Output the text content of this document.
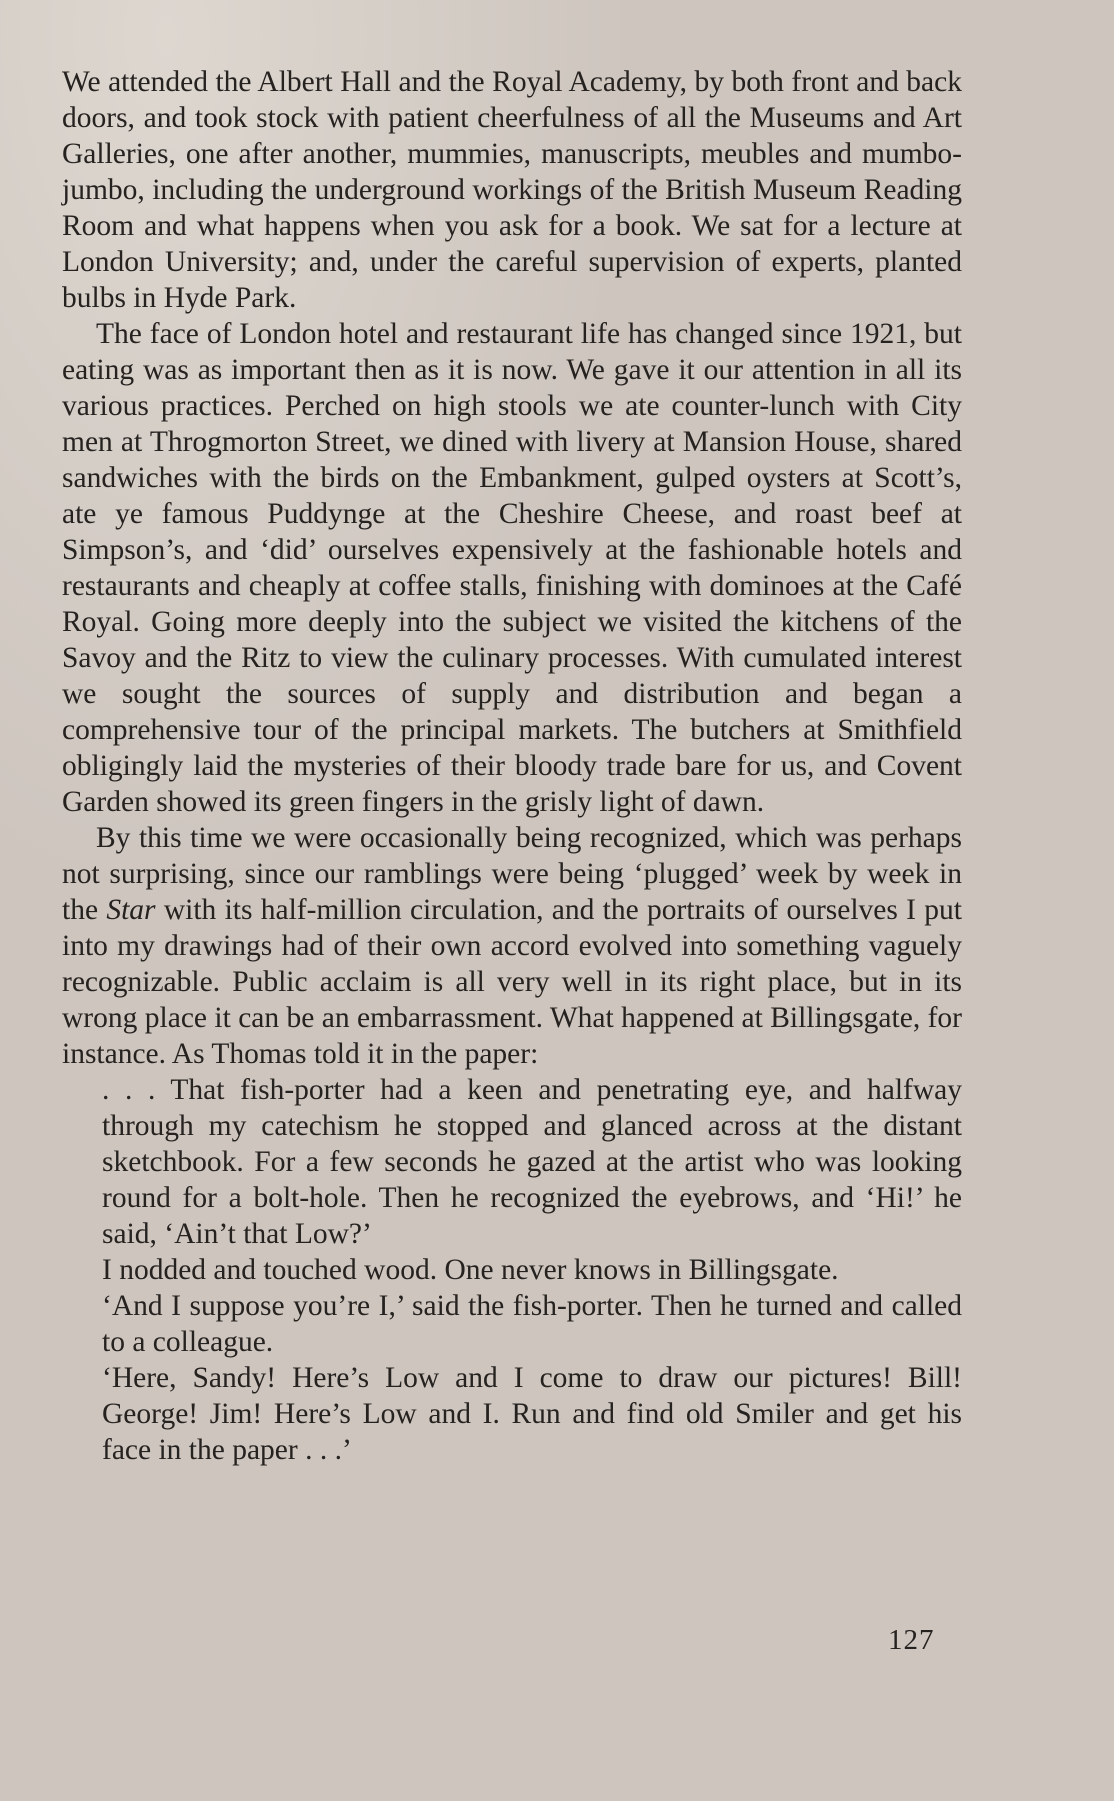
We attended the Albert Hall and the Royal Academy, by both front and back doors, and took stock with patient cheerfulness of all the Museums and Art Galleries, one after another, mummies, manuscripts, meubles and mumbo-jumbo, including the underground workings of the British Museum Reading Room and what happens when you ask for a book. We sat for a lecture at London University; and, under the careful supervision of experts, planted bulbs in Hyde Park.

The face of London hotel and restaurant life has changed since 1921, but eating was as important then as it is now. We gave it our attention in all its various practices. Perched on high stools we ate counter-lunch with City men at Throgmorton Street, we dined with livery at Mansion House, shared sandwiches with the birds on the Embankment, gulped oysters at Scott’s, ate ye famous Puddynge at the Cheshire Cheese, and roast beef at Simpson’s, and ‘did’ ourselves expensively at the fashionable hotels and restaurants and cheaply at coffee stalls, finishing with dominoes at the Café Royal. Going more deeply into the subject we visited the kitchens of the Savoy and the Ritz to view the culinary processes. With cumulated interest we sought the sources of supply and distribution and began a comprehensive tour of the principal markets. The butchers at Smithfield obligingly laid the mysteries of their bloody trade bare for us, and Covent Garden showed its green fingers in the grisly light of dawn.

By this time we were occasionally being recognized, which was perhaps not surprising, since our ramblings were being ‘plugged’ week by week in the Star with its half-million circulation, and the portraits of ourselves I put into my drawings had of their own accord evolved into something vaguely recognizable. Public acclaim is all very well in its right place, but in its wrong place it can be an embarrassment. What happened at Billingsgate, for instance. As Thomas told it in the paper:

. . . That fish-porter had a keen and penetrating eye, and halfway through my catechism he stopped and glanced across at the distant sketchbook. For a few seconds he gazed at the artist who was looking round for a bolt-hole. Then he recognized the eyebrows, and ‘Hi!’ he said, ‘Ain’t that Low?’

I nodded and touched wood. One never knows in Billingsgate.

‘And I suppose you’re I,’ said the fish-porter. Then he turned and called to a colleague.

‘Here, Sandy! Here’s Low and I come to draw our pictures! Bill! George! Jim! Here’s Low and I. Run and find old Smiler and get his face in the paper . . .’

127
